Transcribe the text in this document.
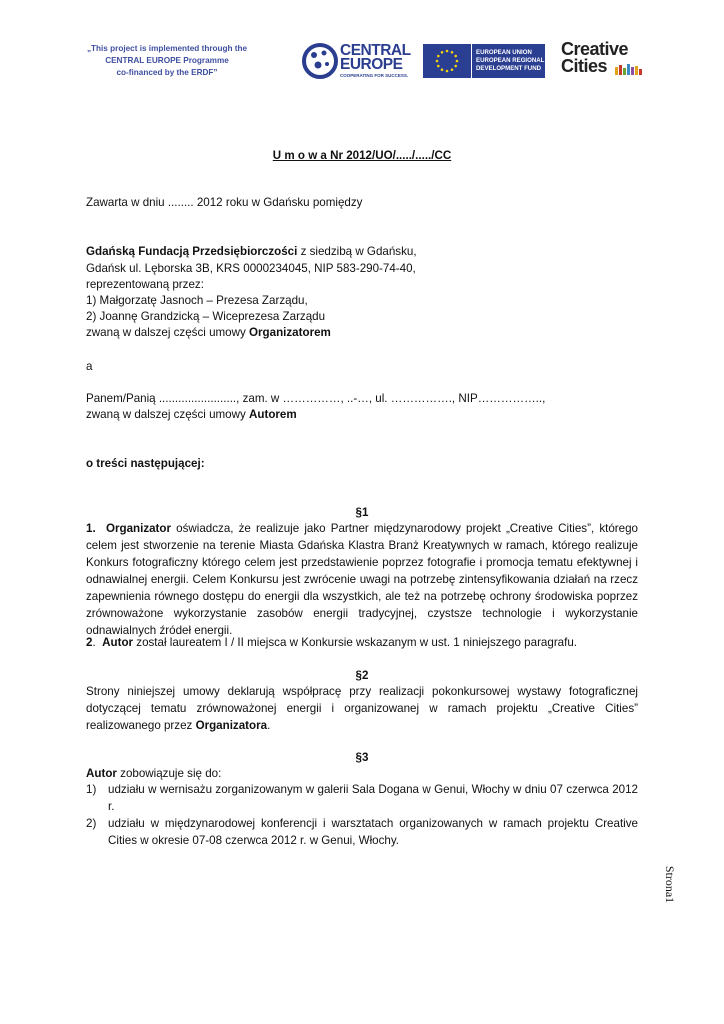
„This project is implemented through the
CENTRAL EUROPE Programme
co-financed by the ERDF”
CENTRAL
EUROPE
COOPERATING FOR SUCCESS.
EUROPEAN UNION
EUROPEAN REGIONAL
DEVELOPMENT FUND
Creative
Cities
U m o w a Nr 2012/UO/...../...../CC
Zawarta w dniu ........ 2012 roku w Gdańsku pomiędzy
Gdańską Fundacją Przedsiębiorczości z siedzibą w Gdańsku,
Gdańsk ul. Lęborska 3B, KRS 0000234045, NIP 583-290-74-40,
reprezentowaną przez:
1) Małgorzatę Jasnoch – Prezesa Zarządu,
2) Joannę Grandzicką – Wiceprezesa Zarządu
zwaną w dalszej części umowy Organizatorem
a
Panem/Panią ........................, zam. w ……………, ..-…, ul. ……………., NIP……………..,
zwaną w dalszej części umowy Autorem
o treści następującej:
§1
1. Organizator oświadcza, że realizuje jako Partner międzynarodowy projekt „Creative Cities”, którego celem jest stworzenie na terenie Miasta Gdańska Klastra Branż Kreatywnych w ramach, którego realizuje Konkurs fotograficzny którego celem jest przedstawienie poprzez fotografie i promocja tematu efektywnej i odnawialnej energii. Celem Konkursu jest zwrócenie uwagi na potrzebę zintensyfikowania działań na rzecz zapewnienia równego dostępu do energii dla wszystkich, ale też na potrzebę ochrony środowiska poprzez zrównoważone wykorzystanie zasobów energii tradycyjnej, czystsze technologie i wykorzystanie odnawialnych źródeł energii.
2.  Autor został laureatem I / II miejsca w Konkursie wskazanym w ust. 1 niniejszego paragrafu.
§2
Strony niniejszej umowy deklarują współpracę przy realizacji pokonkursowej wystawy fotograficznej dotyczącej tematu zrównoważonej energii i organizowanej w ramach projektu „Creative Cities” realizowanego przez Organizatora.
§3
Autor zobowiązuje się do:
1) udziału w wernisażu zorganizowanym w galerii Sala Dogana w Genui, Włochy w dniu 07 czerwca 2012 r.
2) udziału w międzynarodowej konferencji i warsztatach organizowanych w ramach projektu Creative Cities w okresie 07-08 czerwca 2012 r. w Genui, Włochy.
Strona1
